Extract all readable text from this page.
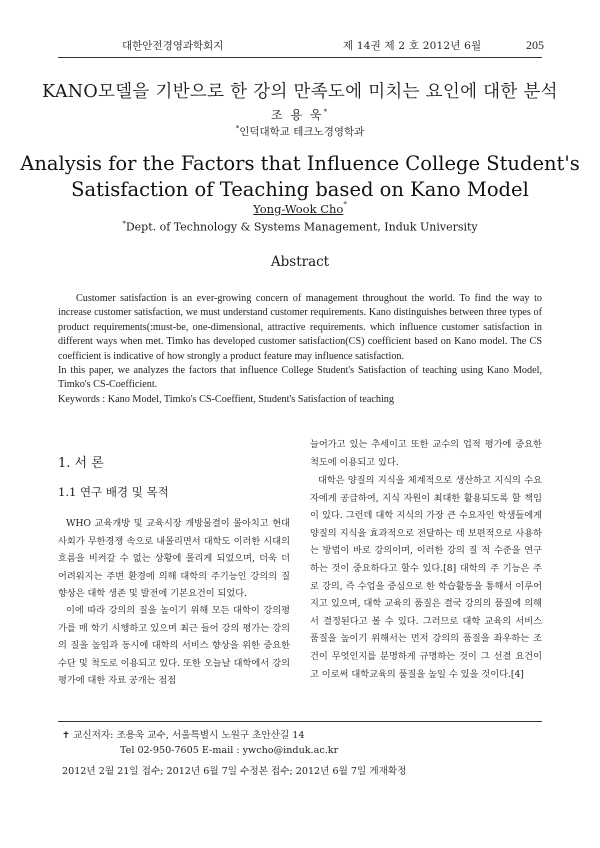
대한안전경영과학회지	제 14권 제 2 호 2012년 6월	205
KANO모델을 기반으로 한 강의 만족도에 미치는 요인에 대한 분석
조 용 욱*
*인덕대학교 테크노경영학과
Analysis for the Factors that Influence College Student's
Satisfaction of Teaching based on Kano Model
Yong-Wook Cho*
*Dept. of Technology & Systems Management, Induk University
Abstract

Customer satisfaction is an ever-growing concern of management throughout the world. To find the way to increase customer satisfaction, we must understand customer requirements. Kano distinguishes between three types of product requirements(:must-be, one-dimensional, attractive requirements. which influence customer satisfaction in different ways when met. Timko has developed customer satisfaction(CS) coefficient based on Kano model. The CS coefficient is indicative of how strongly a product feature may influence satisfaction.

In this paper, we analyzes the factors that influence College Student's Satisfaction of teaching using Kano Model, Timko's CS-Coefficient.

Keywords : Kano Model, Timko's CS-Coeffient, Student's Satisfaction of teaching

1. 서 론
1.1 연구 배경 및 목적

WHO 교육개방 및 교육시장 개방물결이 몰아치고 현대 사회가 무한경쟁 속으로 내몰리면서 대학도 이러한 시대의 흐름을 비켜갈 수 없는 상황에 몰리게 되었으며, 더욱 더 어려워지는 주변 환경에 의해 대학의 주기능인 강의의 질 향상은 대학 생존 및 발전에 기본요건이 되었다.

이에 따라 강의의 질을 높이기 위해 모든 대학이 강의평가를 매 학기 시행하고 있으며 최근 들어 강의 평가는 강의의 질을 높임과 동시에 대학의 서비스 향상을 위한 중요한 수단 및 척도로 이용되고 있다. 또한 오늘날 대학에서 강의 평가에 대한 자료 공개는 점점

늘어가고 있는 추세이고 또한 교수의 업적 평가에 중요한 척도에 이용되고 있다.

대학은 양질의 지식을 체계적으로 생산하고 지식의 수요자에게 공급하여, 지식 자원이 최대한 활용되도록 할 책임이 있다. 그런데 대학 지식의 가장 큰 수요자인 학생들에게 양질의 지식을 효과적으로 전달하는 데 보편적으로 사용하는 방법이 바로 강의이며, 이러한 강의 질 적 수준을 연구하는 것이 중요하다고 할수 있다.[8] 대학의 주 기능은 주로 강의, 즉 수업을 중심으로 한 학습활동을 통해서 이루어지고 있으며, 대학 교육의 품질은 결국 강의의 품질에 의해서 결정된다고 볼 수 있다. 그러므로 대학 교육의 서비스 품질을 높이기 위해서는 먼저 강의의 품질을 좌우하는 조건이 무엇인지를 분명하게 규명하는 것이 그 선결 요건이고 이로써 대학교육의 품질을 높일 수 있을 것이다.[4]

✝ 교신저자: 조용욱 교수, 서울특별시 노원구 초안산길 14
Tel 02-950-7605 E-mail : ywcho@induk.ac.kr
2012년 2월 21일 접수; 2012년 6월 7일 수정본 접수; 2012년 6월 7일 게재확정
